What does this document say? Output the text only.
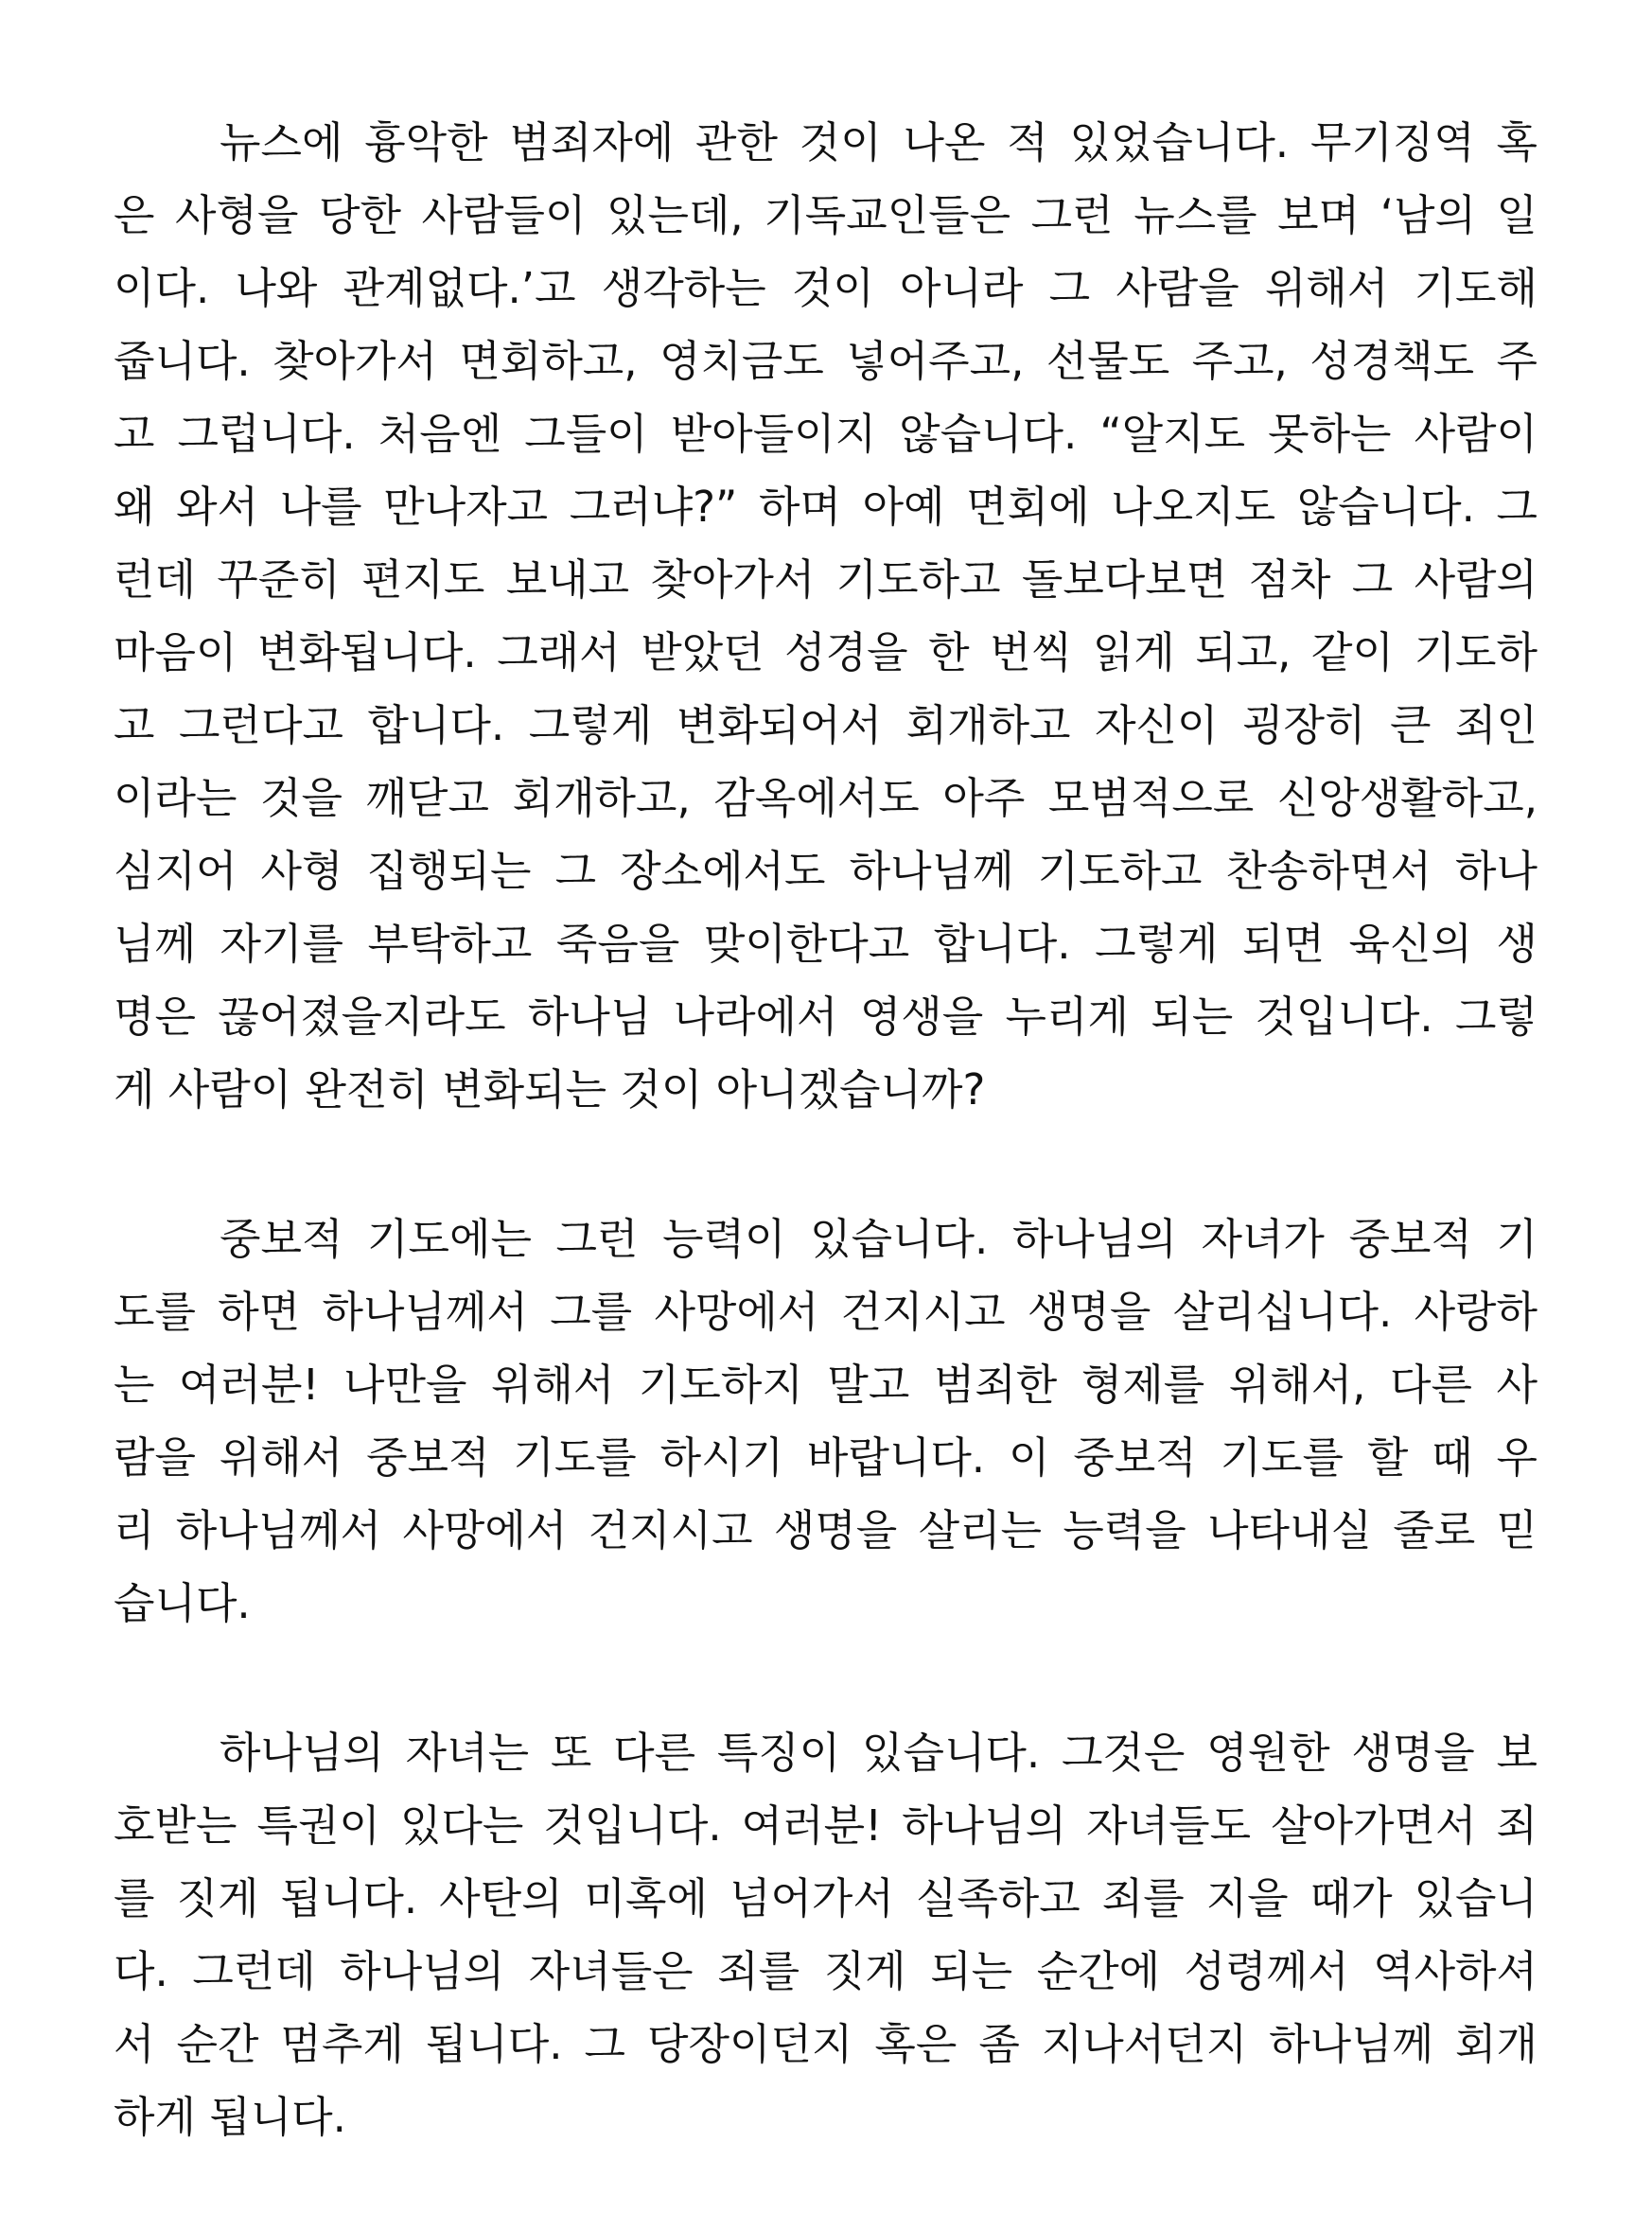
뉴스에 흉악한 범죄자에 관한 것이 나온 적 있었습니다. 무기징역 혹
은 사형을 당한 사람들이 있는데, 기독교인들은 그런 뉴스를 보며 ‘남의 일
이다. 나와 관계없다.’고 생각하는 것이 아니라 그 사람을 위해서 기도해
줍니다. 찾아가서 면회하고, 영치금도 넣어주고, 선물도 주고, 성경책도 주
고 그럽니다. 처음엔 그들이 받아들이지 않습니다. “알지도 못하는 사람이
왜 와서 나를 만나자고 그러냐?” 하며 아예 면회에 나오지도 않습니다. 그
런데 꾸준히 편지도 보내고 찾아가서 기도하고 돌보다보면 점차 그 사람의
마음이 변화됩니다. 그래서 받았던 성경을 한 번씩 읽게 되고, 같이 기도하
고 그런다고 합니다. 그렇게 변화되어서 회개하고 자신이 굉장히 큰 죄인
이라는 것을 깨닫고 회개하고, 감옥에서도 아주 모범적으로 신앙생활하고,
심지어 사형 집행되는 그 장소에서도 하나님께 기도하고 찬송하면서 하나
님께 자기를 부탁하고 죽음을 맞이한다고 합니다. 그렇게 되면 육신의 생
명은 끊어졌을지라도 하나님 나라에서 영생을 누리게 되는 것입니다. 그렇
게 사람이 완전히 변화되는 것이 아니겠습니까?
중보적 기도에는 그런 능력이 있습니다. 하나님의 자녀가 중보적 기
도를 하면 하나님께서 그를 사망에서 건지시고 생명을 살리십니다. 사랑하
는 여러분! 나만을 위해서 기도하지 말고 범죄한 형제를 위해서, 다른 사
람을 위해서 중보적 기도를 하시기 바랍니다. 이 중보적 기도를 할 때 우
리 하나님께서 사망에서 건지시고 생명을 살리는 능력을 나타내실 줄로 믿
습니다.
하나님의 자녀는 또 다른 특징이 있습니다. 그것은 영원한 생명을 보
호받는 특권이 있다는 것입니다. 여러분! 하나님의 자녀들도 살아가면서 죄
를 짓게 됩니다. 사탄의 미혹에 넘어가서 실족하고 죄를 지을 때가 있습니
다. 그런데 하나님의 자녀들은 죄를 짓게 되는 순간에 성령께서 역사하셔
서 순간 멈추게 됩니다. 그 당장이던지 혹은 좀 지나서던지 하나님께 회개
하게 됩니다.
